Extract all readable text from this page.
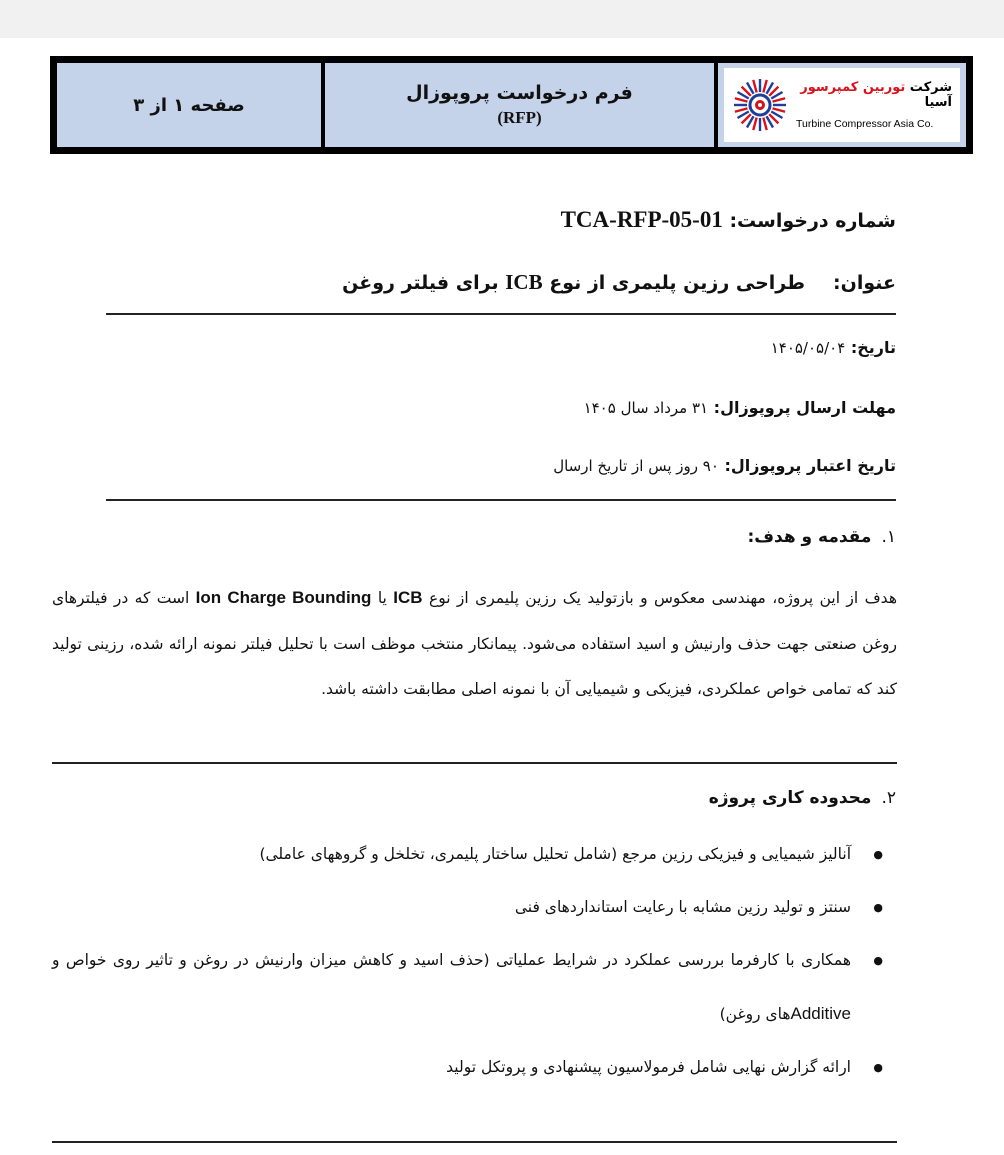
شرکت توربین کمپرسور آسیا
Turbine Compressor Asia Co.
فرم درخواست پروپوزال
(RFP)
صفحه ۱ از ۳
شماره درخواست: TCA-RFP-05-01
عنوان:طراحی رزین پلیمری از نوع ICB برای فیلتر روغن
تاریخ: ۱۴۰۵/۰۵/۰۴
مهلت ارسال پروپوزال: ۳۱ مرداد سال ۱۴۰۵
تاریخ اعتبار پروپوزال: ۹۰ روز پس از تاریخ ارسال
۱.مقدمه و هدف:
هدف از این پروژه، مهندسی معکوس و بازتولید یک رزین پلیمری از نوع ICB یا Ion Charge Bounding است که در فیلترهای روغن صنعتی جهت حذف وارنیش و اسید استفاده می‌شود. پیمانکار منتخب موظف است با تحلیل فیلتر نمونه ارائه شده، رزینی تولید کند که تمامی خواص عملکردی، فیزیکی و شیمیایی آن با نمونه اصلی مطابقت داشته باشد.
۲.محدوده کاری پروژه
● آنالیز شیمیایی و فیزیکی رزین مرجع (شامل تحلیل ساختار پلیمری، تخلخل و گروههای عاملی)
● سنتز و تولید رزین مشابه با رعایت استانداردهای فنی
● همکاری با کارفرما بررسی عملکرد در شرایط عملیاتی (حذف اسید و کاهش میزان وارنیش در روغن و تاثیر روی خواص و Additiveهای روغن)
● ارائه گزارش نهایی شامل فرمولاسیون پیشنهادی و پروتکل تولید
